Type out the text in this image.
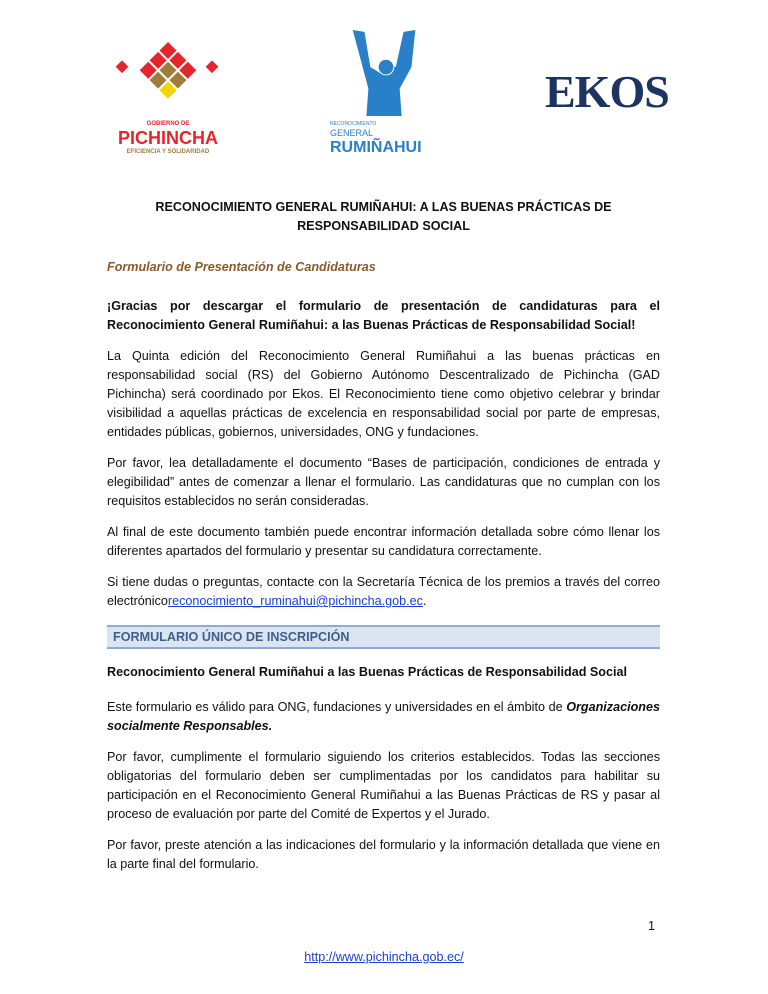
GOBIERNO DE
PICHINCHA
EFICIENCIA Y SOLIDARIDAD
RECONOCIMIENTO
GENERAL
RUMIÑAHUI
EKOS
RECONOCIMIENTO GENERAL RUMIÑAHUI: A LAS BUENAS PRÁCTICAS DE RESPONSABILIDAD SOCIAL
Formulario de Presentación de Candidaturas
¡Gracias por descargar el formulario de presentación de candidaturas para el Reconocimiento General Rumiñahui: a las Buenas Prácticas de Responsabilidad Social!
La Quinta edición del Reconocimiento General Rumiñahui a las buenas prácticas en responsabilidad social (RS) del Gobierno Autónomo Descentralizado de Pichincha (GAD Pichincha) será coordinado por Ekos. El Reconocimiento tiene como objetivo celebrar y brindar visibilidad a aquellas prácticas de excelencia en responsabilidad social por parte de empresas, entidades públicas, gobiernos, universidades, ONG y fundaciones.
Por favor, lea detalladamente el documento “Bases de participación, condiciones de entrada y elegibilidad” antes de comenzar a llenar el formulario. Las candidaturas que no cumplan con los requisitos establecidos no serán consideradas.
Al final de este documento también puede encontrar información detallada sobre cómo llenar los diferentes apartados del formulario y presentar su candidatura correctamente.
Si tiene dudas o preguntas, contacte con la Secretaría Técnica de los premios a través del correo electrónicoreconocimiento_ruminahui@pichincha.gob.ec.
FORMULARIO ÚNICO DE INSCRIPCIÓN
Reconocimiento General Rumiñahui a las Buenas Prácticas de Responsabilidad Social
Este formulario es válido para ONG, fundaciones y universidades en el ámbito de Organizaciones socialmente Responsables.
Por favor, cumplimente el formulario siguiendo los criterios establecidos. Todas las secciones obligatorias del formulario deben ser cumplimentadas por los candidatos para habilitar su participación en el Reconocimiento General Rumiñahui a las Buenas Prácticas de RS y pasar al proceso de evaluación por parte del Comité de Expertos y el Jurado.
Por favor, preste atención a las indicaciones del formulario y la información detallada que viene en la parte final del formulario.
1
http://www.pichincha.gob.ec/
